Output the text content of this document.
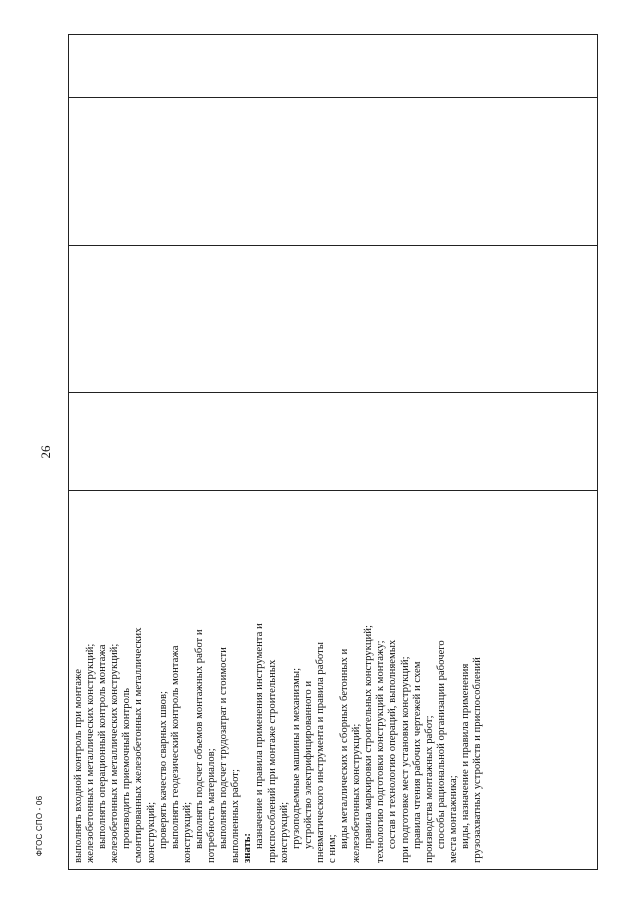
26
выполнять входной контроль при монтаже железобетонных и металлических конструкций; выполнять операционный контроль монтажа железобетонных и металлических конструкций; производить приемочный контроль смонтированных железобетонных и металлических конструкций; проверять качество сварных швов; выполнять геодезический контроль монтажа конструкций; выполнять подсчет объемов монтажных работ и потребность материалов; выполнять подсчет трудозатрат и стоимости выполненных работ; знать: назначение и правила применения инструмента и приспособлений при монтаже строительных конструкций; грузоподъемные машины и механизмы; устройство электрифицированного и пневматического инструмента и правила работы с ним; виды металлических и сборных бетонных и железобетонных конструкций; правила маркировки строительных конструкций; технологию подготовки конструкций к монтажу; состав и технологию операций, выполняемых при подготовке мест установки конструкций; правила чтения рабочих чертежей и схем производства монтажных работ; способы рациональной организации рабочего места монтажника; виды, назначение и правила применения грузозахватных устройств и приспособлений

ФГОС СПО - 06
